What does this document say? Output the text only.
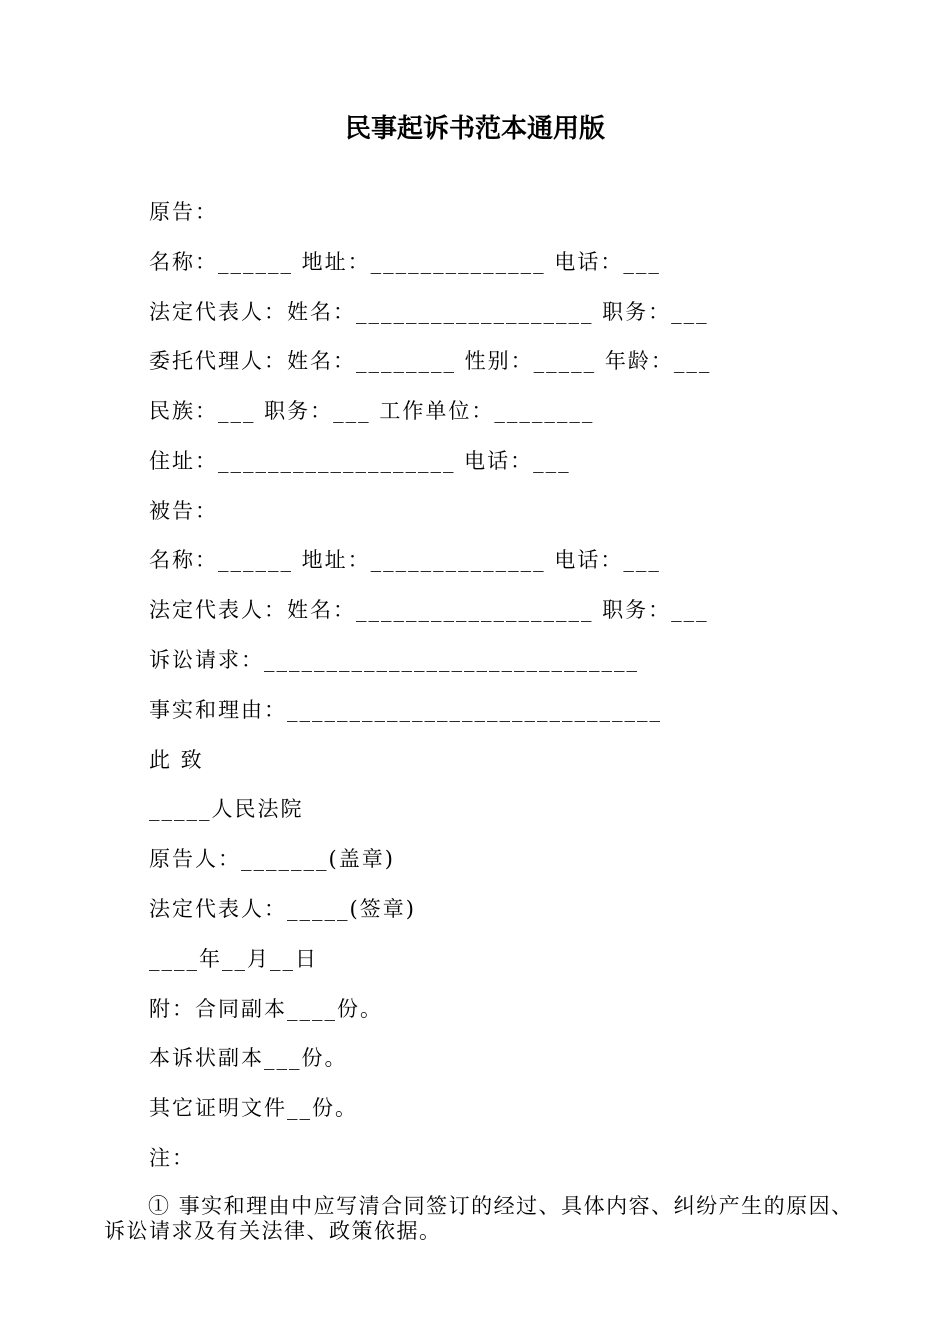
民事起诉书范本通用版
原告：
名称：______ 地址：______________ 电话：___
法定代表人：姓名：___________________ 职务：___
委托代理人：姓名：________ 性别：_____ 年龄：___
民族：___ 职务：___ 工作单位：________
住址：___________________ 电话：___
被告：
名称：______ 地址：______________ 电话：___
法定代表人：姓名：___________________ 职务：___
诉讼请求：______________________________
事实和理由：______________________________
此 致
_____人民法院
原告人：_______(盖章)
法定代表人：_____(签章)
____年__月__日
附：合同副本____份。
本诉状副本___份。
其它证明文件__份。
注：
① 事实和理由中应写清合同签订的经过、具体内容、纠纷产生的原因、诉讼请求及有关法律、政策依据。
